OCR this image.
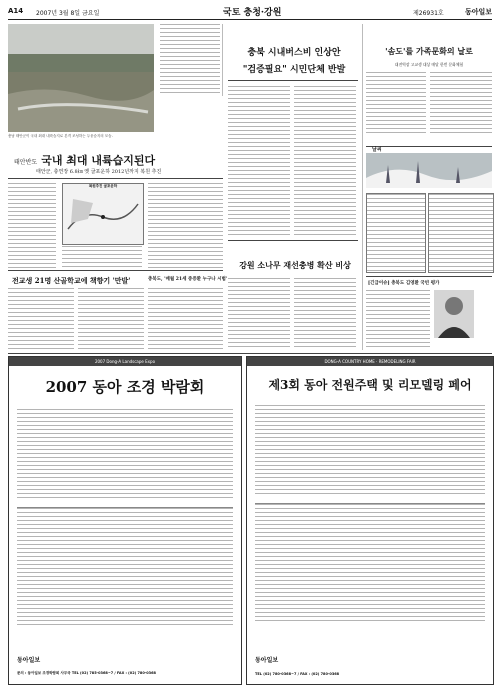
A14 2007년 3월 8일 금요일	국토 충청·강원	제26931호	동아일보
충남 태안군이 국내 최대 내륙습지로 본격 조성하는 두웅습지의 모습.
태안반도 국내 최대 내륙습지된다
태안군, 충연장 6.8㎞ 옛 굴포운하 2012년까지 복원 추진
복원추진 굴포운하
전교생 21명 산골학교에 책향기 '만발'	충북도, '매월 21세 중증환 누구나 시범'
충북 시내버스비 인상안
"검증필요" 시민단체 반발
강원 소나무 재선충병 확산 비상
'솜도'를 가족문화의 날로
대전역장 고교생 대상 매달 한번 문화체험
날씨
[긴급이슈] 충북도 김영환 국빈 평가
2007 Dong-A Landscape Expo
2007 동아 조경 박람회
동아일보
문의 : 동아일보 조경박람회 사무국 TEL (02) 785-0368~7 / FAX : (02) 780-0368
DONG-A COUNTRY HOME · REMODELING FAIR
제3회 동아 전원주택 및 리모델링 페어
동아일보
TEL (02) 780-0368~7 / FAX : (02) 780-0368
